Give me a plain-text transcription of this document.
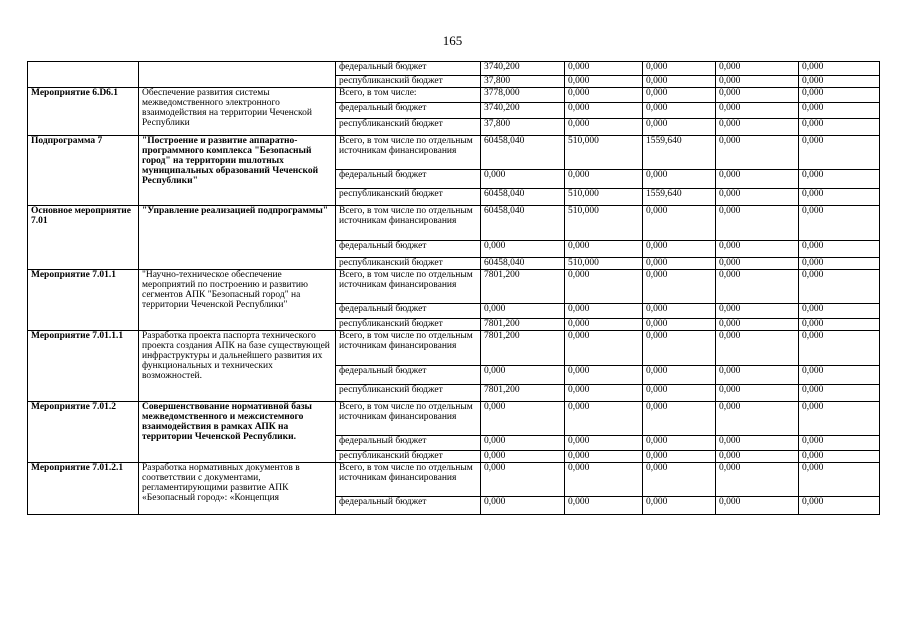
165
		федеральный бюджет	3740,200	0,000	0,000	0,000	0,000
		республиканский бюджет	37,800	0,000	0,000	0,000	0,000
Мероприятие 6.D6.1	Обеспечение развития системы межведомственного электронного взаимодействия на территории Чеченской Республики	Всего, в том числе:	3778,000	0,000	0,000	0,000	0,000
		федеральный бюджет	3740,200	0,000	0,000	0,000	0,000
		республиканский бюджет	37,800	0,000	0,000	0,000	0,000
Подпрограмма 7	"Построение и развитие аппаратно-программного комплекса "Безопасный город" на территории muлотных муниципальных образований Чеченской Республики"	Всего, в том числе по отдельным источникам финансирования	60458,040	510,000	1559,640	0,000	0,000
		федеральный бюджет	0,000	0,000	0,000	0,000	0,000
		республиканский бюджет	60458,040	510,000	1559,640	0,000	0,000
Основное мероприятие 7.01	"Управление реализацией подпрограммы"	Всего, в том числе по отдельным источникам финансирования	60458,040	510,000	0,000	0,000	0,000
		федеральный бюджет	0,000	0,000	0,000	0,000	0,000
		республиканский бюджет	60458,040	510,000	0,000	0,000	0,000
Мероприятие 7.01.1	"Научно-техническое обеспечение мероприятий по построению и развитию сегментов АПК "Безопасный город" на территории Чеченской Республики"	Всего, в том числе по отдельным источникам финансирования	7801,200	0,000	0,000	0,000	0,000
		федеральный бюджет	0,000	0,000	0,000	0,000	0,000
		республиканский бюджет	7801,200	0,000	0,000	0,000	0,000
Мероприятие 7.01.1.1	Разработка проекта паспорта технического проекта создания АПК на базе существующей инфраструктуры и дальнейшего развития их функциональных и технических возможностей.	Всего, в том числе по отдельным источникам финансирования	7801,200	0,000	0,000	0,000	0,000
		федеральный бюджет	0,000	0,000	0,000	0,000	0,000
		республиканский бюджет	7801,200	0,000	0,000	0,000	0,000
Мероприятие 7.01.2	Совершенствование нормативной базы межведомственного и межсистемного взаимодействия в рамках АПК на территории Чеченской Республики.	Всего, в том числе по отдельным источникам финансирования	0,000	0,000	0,000	0,000	0,000
		федеральный бюджет	0,000	0,000	0,000	0,000	0,000
		республиканский бюджет	0,000	0,000	0,000	0,000	0,000
Мероприятие 7.01.2.1	Разработка нормативных документов в соответствии с документами, регламентирующими развитие АПК «Безопасный город»: «Концепция	Всего, в том числе по отдельным источникам финансирования	0,000	0,000	0,000	0,000	0,000
		федеральный бюджет	0,000	0,000	0,000	0,000	0,000
